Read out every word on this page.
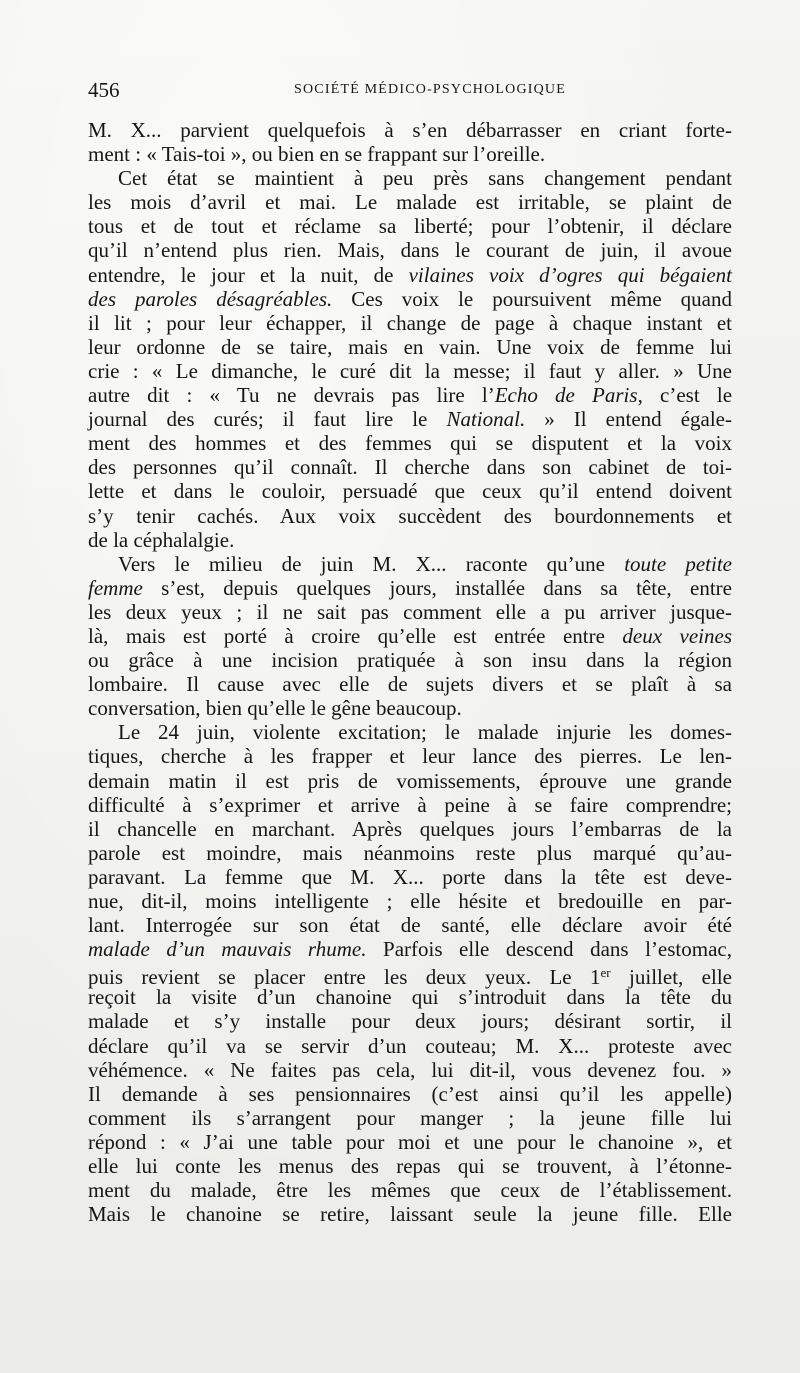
456	SOCIÉTÉ MÉDICO-PSYCHOLOGIQUE
M. X... parvient quelquefois à s’en débarrasser en criant forte-
ment : « Tais-toi », ou bien en se frappant sur l’oreille.
Cet état se maintient à peu près sans changement pendant
les mois d’avril et mai. Le malade est irritable, se plaint de
tous et de tout et réclame sa liberté; pour l’obtenir, il déclare
qu’il n’entend plus rien. Mais, dans le courant de juin, il avoue
entendre, le jour et la nuit, de vilaines voix d’ogres qui bégaient
des paroles désagréables. Ces voix le poursuivent même quand
il lit ; pour leur échapper, il change de page à chaque instant et
leur ordonne de se taire, mais en vain. Une voix de femme lui
crie : « Le dimanche, le curé dit la messe; il faut y aller. » Une
autre dit : « Tu ne devrais pas lire l’Echo de Paris, c’est le
journal des curés; il faut lire le National. » Il entend égale-
ment des hommes et des femmes qui se disputent et la voix
des personnes qu’il connaît. Il cherche dans son cabinet de toi-
lette et dans le couloir, persuadé que ceux qu’il entend doivent
s’y tenir cachés. Aux voix succèdent des bourdonnements et
de la céphalalgie.
Vers le milieu de juin M. X... raconte qu’une toute petite
femme s’est, depuis quelques jours, installée dans sa tête, entre
les deux yeux ; il ne sait pas comment elle a pu arriver jusque-
là, mais est porté à croire qu’elle est entrée entre deux veines
ou grâce à une incision pratiquée à son insu dans la région
lombaire. Il cause avec elle de sujets divers et se plaît à sa
conversation, bien qu’elle le gêne beaucoup.
Le 24 juin, violente excitation; le malade injurie les domes-
tiques, cherche à les frapper et leur lance des pierres. Le len-
demain matin il est pris de vomissements, éprouve une grande
difficulté à s’exprimer et arrive à peine à se faire comprendre;
il chancelle en marchant. Après quelques jours l’embarras de la
parole est moindre, mais néanmoins reste plus marqué qu’au-
paravant. La femme que M. X... porte dans la tête est deve-
nue, dit-il, moins intelligente ; elle hésite et bredouille en par-
lant. Interrogée sur son état de santé, elle déclare avoir été
malade d’un mauvais rhume. Parfois elle descend dans l’estomac,
puis revient se placer entre les deux yeux. Le 1er juillet, elle
reçoit la visite d’un chanoine qui s’introduit dans la tête du
malade et s’y installe pour deux jours; désirant sortir, il
déclare qu’il va se servir d’un couteau; M. X... proteste avec
véhémence. « Ne faites pas cela, lui dit-il, vous devenez fou. »
Il demande à ses pensionnaires (c’est ainsi qu’il les appelle)
comment ils s’arrangent pour manger ; la jeune fille lui
répond : « J’ai une table pour moi et une pour le chanoine », et
elle lui conte les menus des repas qui se trouvent, à l’étonne-
ment du malade, être les mêmes que ceux de l’établissement.
Mais le chanoine se retire, laissant seule la jeune fille. Elle
